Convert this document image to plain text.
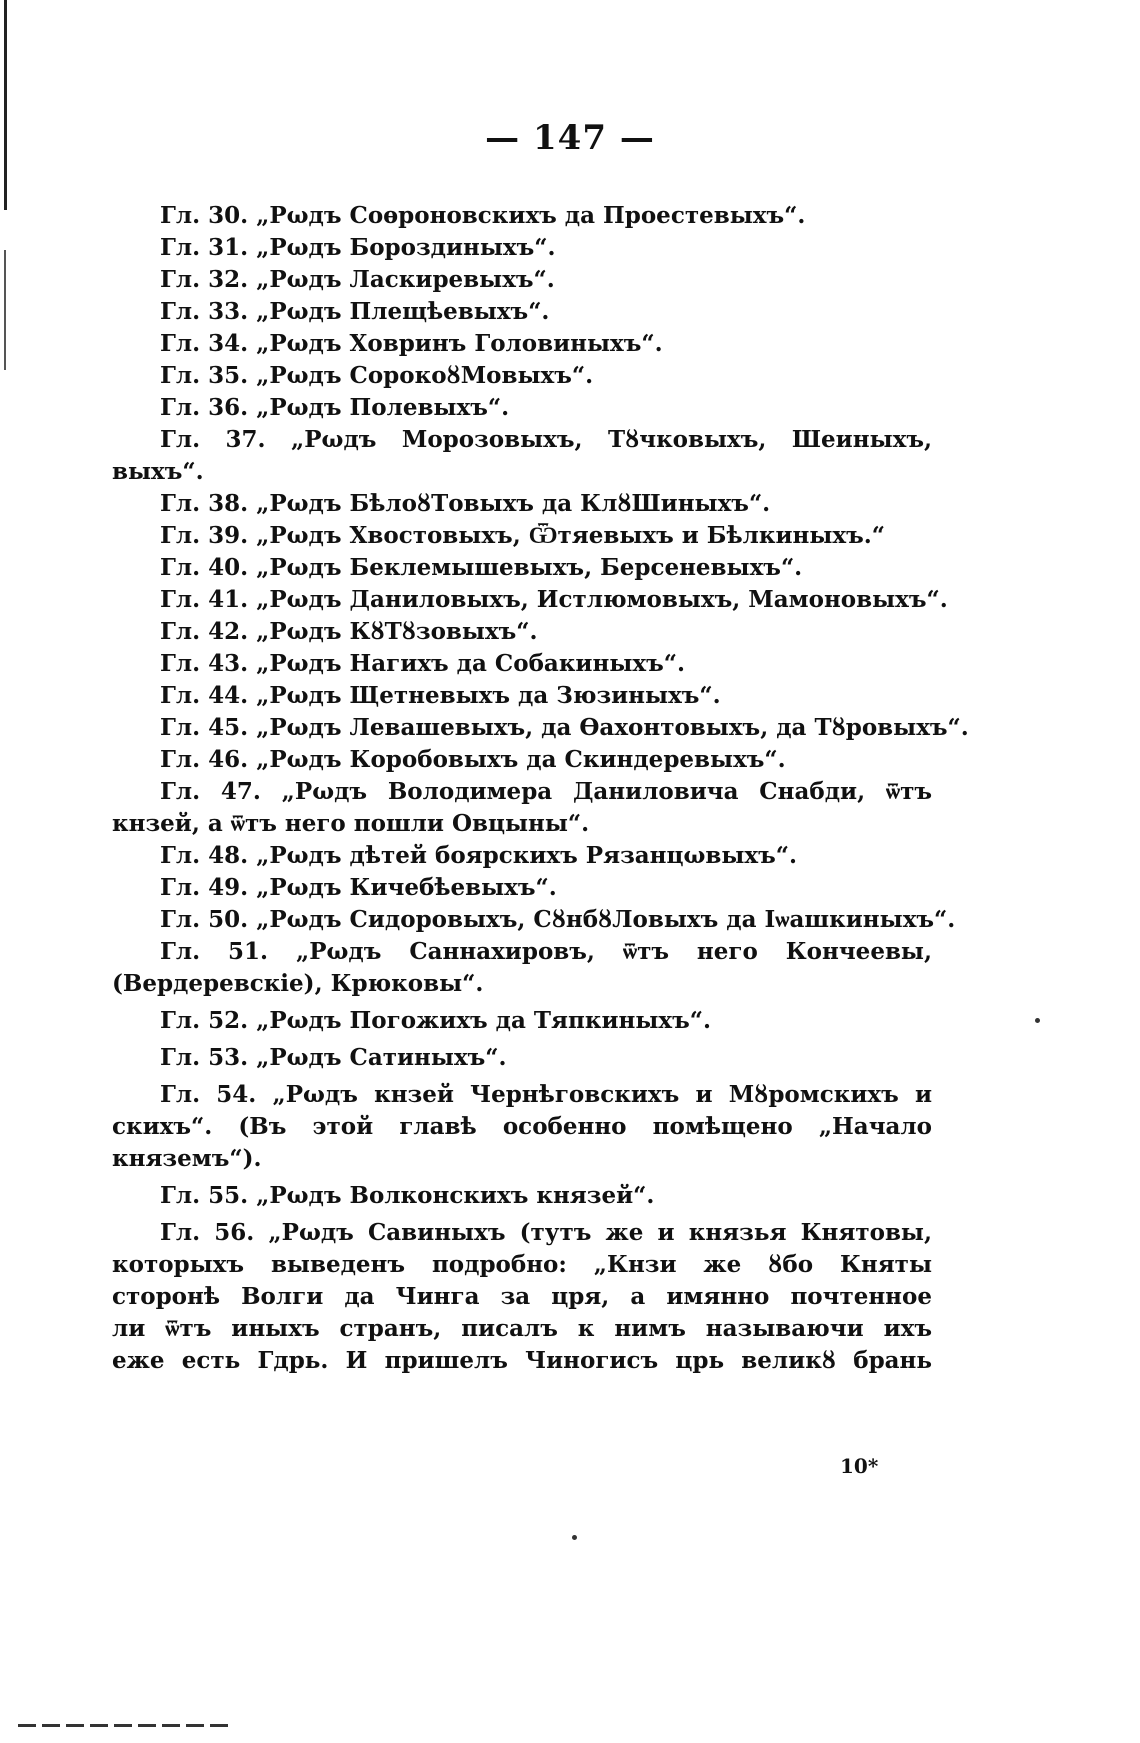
— 147 —
Гл. 30. „Рωдъ Соѳроновскихъ да Проестевыхъ“.
Гл. 31. „Рωдъ Бороздиныхъ“.
Гл. 32. „Рωдъ Ласкиревыхъ“.
Гл. 33. „Рωдъ Плещѣевыхъ“.
Гл. 34. „Рωдъ Ховринъ Головиныхъ“.
Гл. 35. „Рωдъ СорокоȣМовыхъ“.
Гл. 36. „Рωдъ Полевыхъ“.
Гл. 37. „Рωдъ Морозовыхъ, Тȣчковыхъ, Шеиныхъ,
выхъ“.
Гл. 38. „Рωдъ БѣлоȣТовыхъ да КлȣШиныхъ“.
Гл. 39. „Рωдъ Хвостовыхъ, Ѿтяевыхъ и Бѣлкиныхъ.“
Гл. 40. „Рωдъ Беклемышевыхъ, Берсеневыхъ“.
Гл. 41. „Рωдъ Даниловыхъ, Истлюмовыхъ, Мамоновыхъ“.
Гл. 42. „Рωдъ КȣТȣзовыхъ“.
Гл. 43. „Рωдъ Нагихъ да Собакиныхъ“.
Гл. 44. „Рωдъ Щетневыхъ да Зюзиныхъ“.
Гл. 45. „Рωдъ Левашевыхъ, да Ѳахонтовыхъ, да Тȣровыхъ“.
Гл. 46. „Рωдъ Коробовыхъ да Скиндеревыхъ“.
Гл. 47. „Рωдъ Володимера Даниловича Снабди, ѿтъ
кнзей, а ѿтъ него пошли Овцыны“.
Гл. 48. „Рωдъ дѣтей боярскихъ Рязанцωвыхъ“.
Гл. 49. „Рωдъ Кичебѣевыхъ“.
Гл. 50. „Рωдъ Сидоровыхъ, СȣнбȣЛовыхъ да Іѡашкиныхъ“.
Гл. 51. „Рωдъ Саннахировъ, ѿтъ него Кончеевы,
(Вердеревскіе), Крюковы“.
Гл. 52. „Рωдъ Погожихъ да Тяпкиныхъ“.
Гл. 53. „Рωдъ Сатиныхъ“.
Гл. 54. „Рωдъ кнзей Чернѣговскихъ и Мȣромскихъ и
скихъ“. (Въ этой главѣ особенно помѣщено „Начало
княземъ“).
Гл. 55. „Рωдъ Волконскихъ князей“.
Гл. 56. „Рωдъ Савиныхъ (тутъ же и князья Княтовы,
которыхъ выведенъ подробно: „Кнзи же ȣбо Княты
сторонѣ Волги да Чинга за цря, а имянно почтенное
ли ѿтъ иныхъ странъ, писалъ к нимъ называючи ихъ
еже есть Гдрь. И пришелъ Чиногисъ црь великȣ брань
10*
